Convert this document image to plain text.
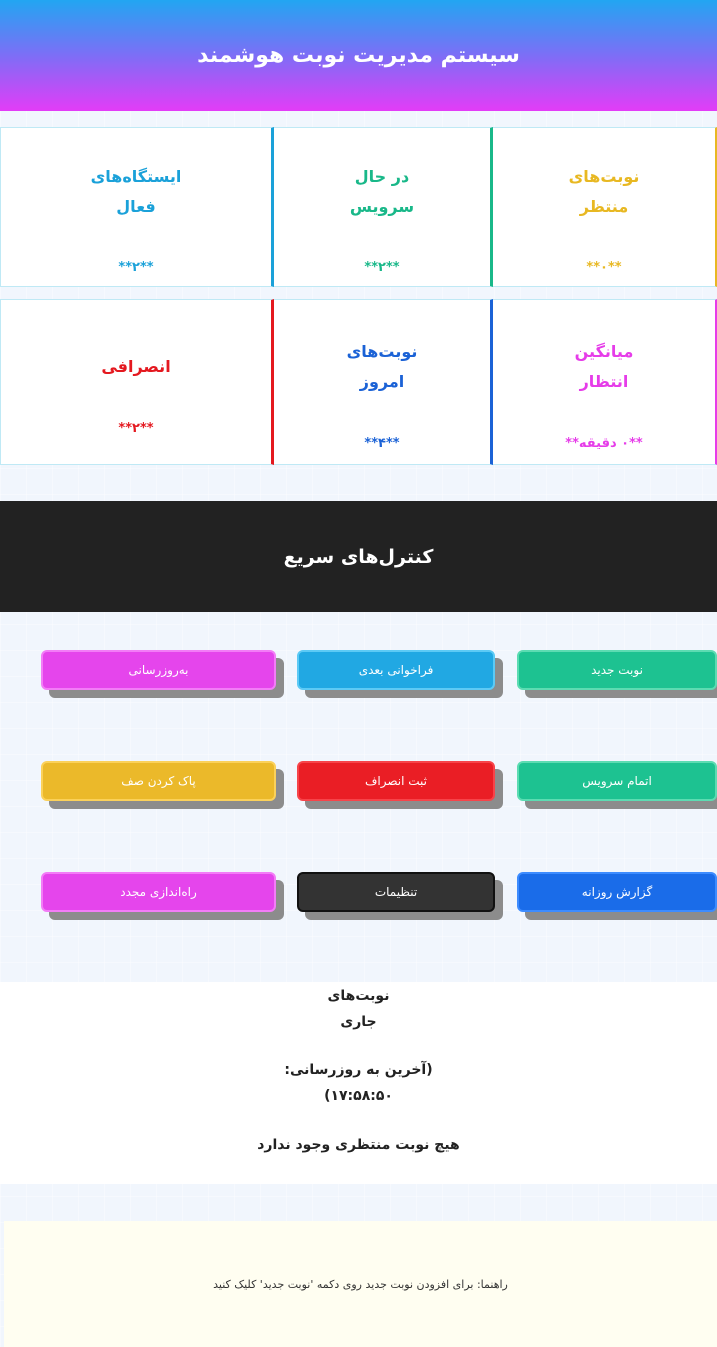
سیستم مدیریت نوبت هوشمند
ایستگاه‌های
فعال
**۲**
در حال
سرویس
**۲**
نوبت‌های
منتظر
**۰**
انصرافی
**۲**
نوبت‌های
امروز
**۴**
میانگین
انتظار
**۰ دقیقه**
کنترل‌های سریع
به‌روزرسانی	فراخوانی بعدی	نوبت جدید
پاک کردن صف	ثبت انصراف	اتمام سرویس
راه‌اندازی مجدد	تنظیمات	گزارش روزانه
نوبت‌های
جاری
(آخرین به روزرسانی:
۱۷:۵۸:۵۰)
هیچ نوبت منتظری وجود ندارد
راهنما: برای افزودن نوبت جدید روی دکمه 'نوبت جدید' کلیک کنید
